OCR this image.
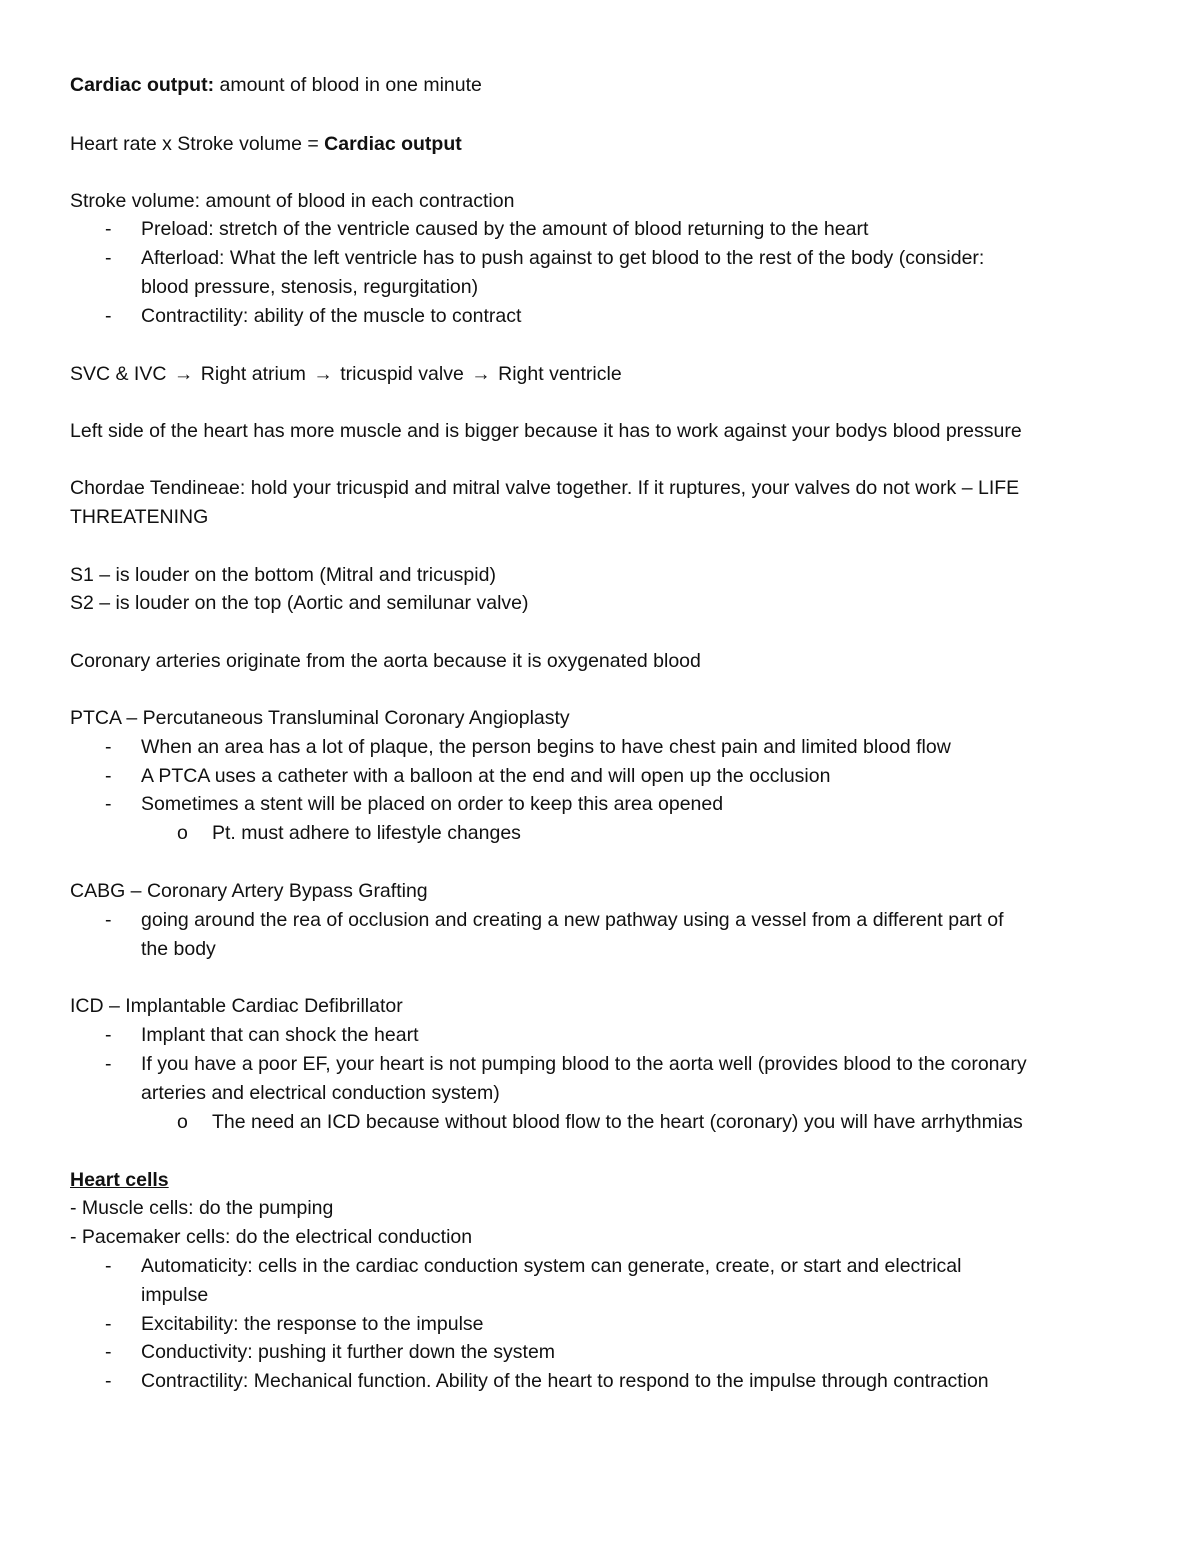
Cardiac output: amount of blood in one minute
Heart rate x Stroke volume = Cardiac output
Stroke volume: amount of blood in each contraction
- Preload: stretch of the ventricle caused by the amount of blood returning to the heart
- Afterload: What the left ventricle has to push against to get blood to the rest of the body (consider:
blood pressure, stenosis, regurgitation)
- Contractility: ability of the muscle to contract
SVC & IVC → Right atrium → tricuspid valve → Right ventricle
Left side of the heart has more muscle and is bigger because it has to work against your bodys blood pressure
Chordae Tendineae: hold your tricuspid and mitral valve together. If it ruptures, your valves do not work – LIFE
THREATENING
S1 – is louder on the bottom (Mitral and tricuspid)
S2 – is louder on the top (Aortic and semilunar valve)
Coronary arteries originate from the aorta because it is oxygenated blood
PTCA – Percutaneous Transluminal Coronary Angioplasty
- When an area has a lot of plaque, the person begins to have chest pain and limited blood flow
- A PTCA uses a catheter with a balloon at the end and will open up the occlusion
- Sometimes a stent will be placed on order to keep this area opened
o Pt. must adhere to lifestyle changes
CABG – Coronary Artery Bypass Grafting
- going around the rea of occlusion and creating a new pathway using a vessel from a different part of
the body
ICD – Implantable Cardiac Defibrillator
- Implant that can shock the heart
- If you have a poor EF, your heart is not pumping blood to the aorta well (provides blood to the coronary
arteries and electrical conduction system)
o The need an ICD because without blood flow to the heart (coronary) you will have arrhythmias
Heart cells
- Muscle cells: do the pumping
- Pacemaker cells: do the electrical conduction
- Automaticity: cells in the cardiac conduction system can generate, create, or start and electrical
impulse
- Excitability: the response to the impulse
- Conductivity: pushing it further down the system
- Contractility: Mechanical function. Ability of the heart to respond to the impulse through contraction
